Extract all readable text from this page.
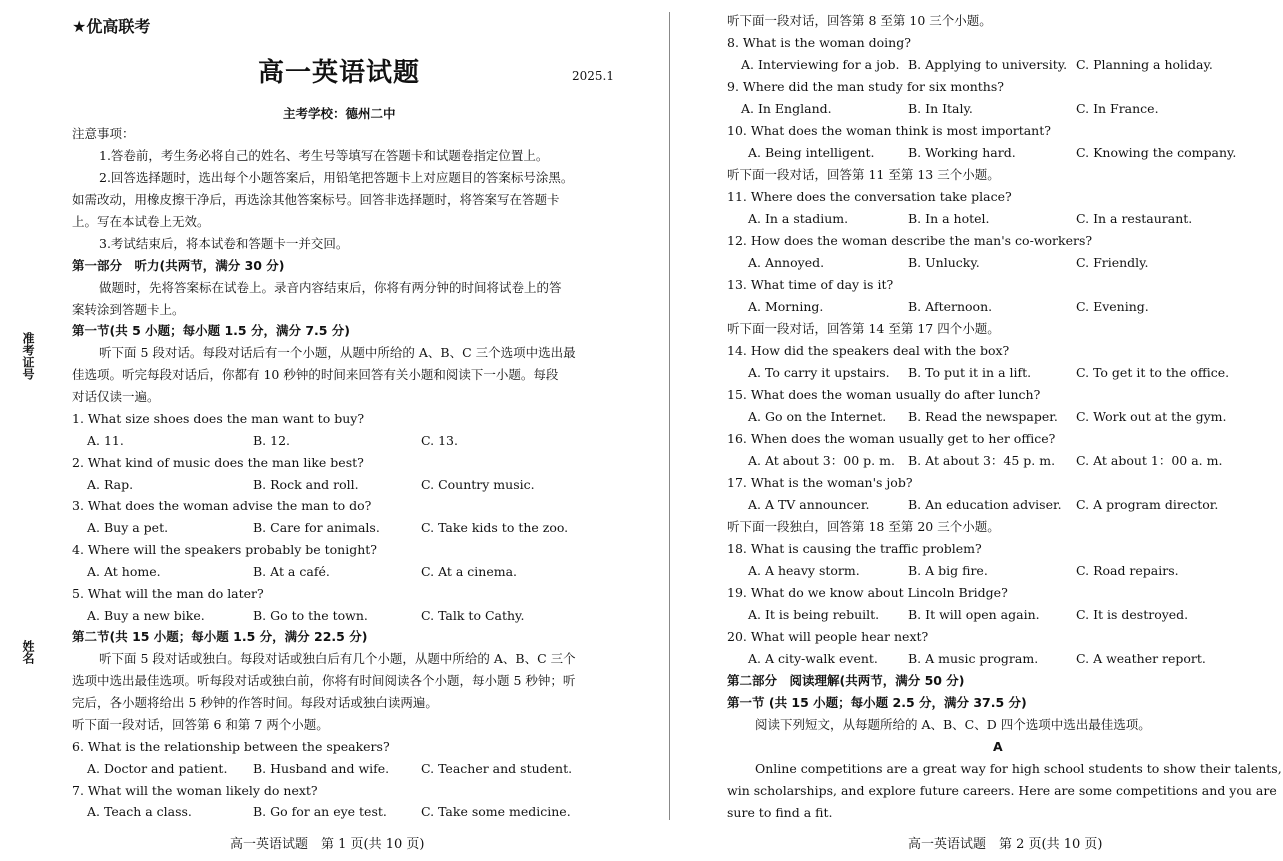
★优高联考
高一英语试题	2025.1
主考学校：德州二中
准考证号
姓名
注意事项：
1.答卷前，考生务必将自己的姓名、考生号等填写在答题卡和试题卷指定位置上。
2.回答选择题时，选出每个小题答案后，用铅笔把答题卡上对应题目的答案标号涂黑。
如需改动，用橡皮擦干净后，再选涂其他答案标号。回答非选择题时，将答案写在答题卡
上。写在本试卷上无效。
3.考试结束后，将本试卷和答题卡一并交回。
第一部分　听力(共两节，满分 30 分)
做题时，先将答案标在试卷上。录音内容结束后，你将有两分钟的时间将试卷上的答
案转涂到答题卡上。
第一节(共 5 小题；每小题 1.5 分，满分 7.5 分)
听下面 5 段对话。每段对话后有一个小题，从题中所给的 A、B、C 三个选项中选出最
佳选项。听完每段对话后，你都有 10 秒钟的时间来回答有关小题和阅读下一小题。每段
对话仅读一遍。
1. What size shoes does the man want to buy?
A. 11.	B. 12.	C. 13.
2. What kind of music does the man like best?
A. Rap.	B. Rock and roll.	C. Country music.
3. What does the woman advise the man to do?
A. Buy a pet.	B. Care for animals.	C. Take kids to the zoo.
4. Where will the speakers probably be tonight?
A. At home.	B. At a café.	C. At a cinema.
5. What will the man do later?
A. Buy a new bike.	B. Go to the town.	C. Talk to Cathy.
第二节(共 15 小题；每小题 1.5 分，满分 22.5 分)
听下面 5 段对话或独白。每段对话或独白后有几个小题，从题中所给的 A、B、C 三个
选项中选出最佳选项。听每段对话或独白前，你将有时间阅读各个小题，每小题 5 秒钟；听
完后，各小题将给出 5 秒钟的作答时间。每段对话或独白读两遍。
听下面一段对话，回答第 6 和第 7 两个小题。
6. What is the relationship between the speakers?
A. Doctor and patient. B. Husband and wife.	C. Teacher and student.
7. What will the woman likely do next?
A. Teach a class.	B. Go for an eye test.	C. Take some medicine.
高一英语试题　第 1 页(共 10 页)
听下面一段对话，回答第 8 至第 10 三个小题。
8. What is the woman doing?
A. Interviewing for a job. B. Applying to university. C. Planning a holiday.
9. Where did the man study for six months?
A. In England.	B. In Italy.	C. In France.
10. What does the woman think is most important?
A. Being intelligent.	B. Working hard.	C. Knowing the company.
听下面一段对话，回答第 11 至第 13 三个小题。
11. Where does the conversation take place?
A. In a stadium.	B. In a hotel.	C. In a restaurant.
12. How does the woman describe the man's co-workers?
A. Annoyed.	B. Unlucky.	C. Friendly.
13. What time of day is it?
A. Morning.	B. Afternoon.	C. Evening.
听下面一段对话，回答第 14 至第 17 四个小题。
14. How did the speakers deal with the box?
A. To carry it upstairs. B. To put it in a lift.	C. To get it to the office.
15. What does the woman usually do after lunch?
A. Go on the Internet. B. Read the newspaper. C. Work out at the gym.
16. When does the woman usually get to her office?
A. At about 3：00 p. m. B. At about 3：45 p. m. C. At about 1：00 a. m.
17. What is the woman's job?
A. A TV announcer.	B. An education adviser. C. A program director.
听下面一段独白，回答第 18 至第 20 三个小题。
18. What is causing the traffic problem?
A. A heavy storm.	B. A big fire.	C. Road repairs.
19. What do we know about Lincoln Bridge?
A. It is being rebuilt. B. It will open again.	C. It is destroyed.
20. What will people hear next?
A. A city-walk event. B. A music program.	C. A weather report.
第二部分　阅读理解(共两节，满分 50 分)
第一节 (共 15 小题；每小题 2.5 分，满分 37.5 分)
阅读下列短文，从每题所给的 A、B、C、D 四个选项中选出最佳选项。
A
Online competitions are a great way for high school students to show their talents,
win scholarships, and explore future careers. Here are some competitions and you are
sure to find a fit.
高一英语试题　第 2 页(共 10 页)
